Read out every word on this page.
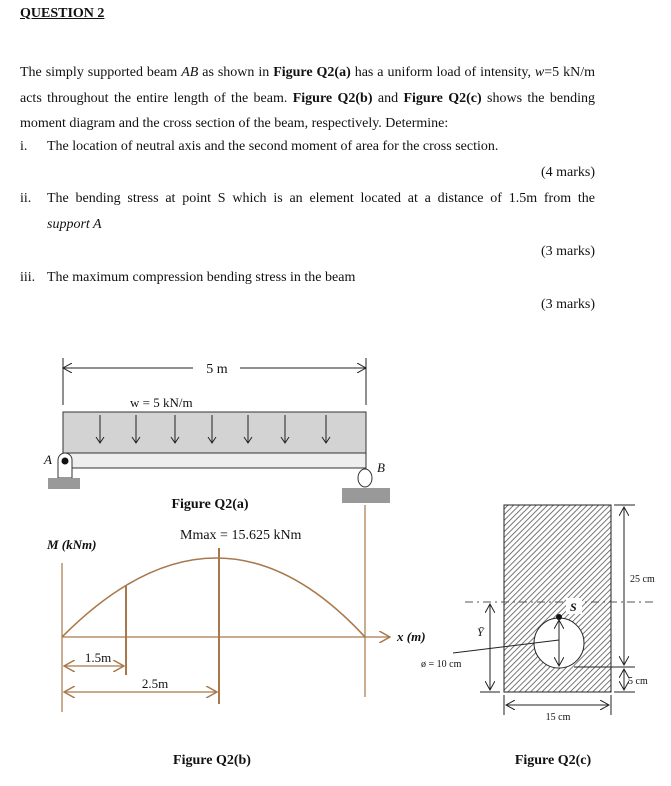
QUESTION 2
The simply supported beam AB as shown in Figure Q2(a) has a uniform load of intensity, w=5 kN/m acts throughout the entire length of the beam. Figure Q2(b) and Figure Q2(c) shows the bending moment diagram and the cross section of the beam, respectively. Determine:
i. The location of neutral axis and the second moment of area for the cross section.
(4 marks)
ii. The bending stress at point S which is an element located at a distance of 1.5m from the
support A
(3 marks)
iii. The maximum compression bending stress in the beam
(3 marks)
5 m
w = 5 kN/m
A
B
Figure Q2(a)
M (kNm)
Mmax = 15.625 kNm
1.5m
2.5m
x (m)
Figure Q2(b)
S
ø = 10 cm
Ȳ
25 cm
5 cm
15 cm
Figure Q2(c)
